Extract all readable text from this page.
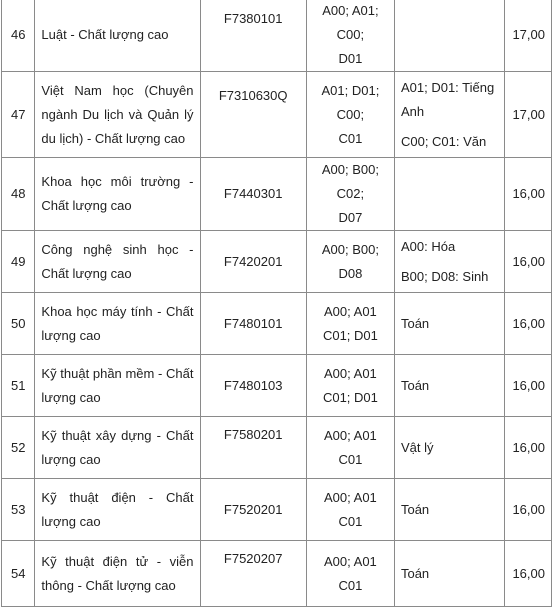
46	Luật - Chất lượng cao	F7380101	A00; A01; C00;
D01		17,00
47	Việt Nam học (Chuyên ngành Du lịch và Quản lý du lịch) - Chất lượng cao	F7310630Q	A01; D01; C00;
C01	A01; D01: Tiếng Anh
C00; C01: Văn	17,00
48	Khoa học môi trường - Chất lượng cao	F7440301	A00; B00; C02;
D07		16,00
49	Công nghệ sinh học - Chất lượng cao	F7420201	A00; B00; D08	A00: Hóa
B00; D08: Sinh	16,00
50	Khoa học máy tính - Chất lượng cao	F7480101	A00; A01
C01; D01	Toán	16,00
51	Kỹ thuật phần mềm - Chất lượng cao	F7480103	A00; A01
C01; D01	Toán	16,00
52	Kỹ thuật xây dựng - Chất lượng cao	F7580201	A00; A01
C01	Vật lý	16,00
53	Kỹ thuật điện - Chất lượng cao	F7520201	A00; A01
C01	Toán	16,00
54	Kỹ thuật điện tử - viễn thông - Chất lượng cao	F7520207	A00; A01
C01	Toán	16,00
